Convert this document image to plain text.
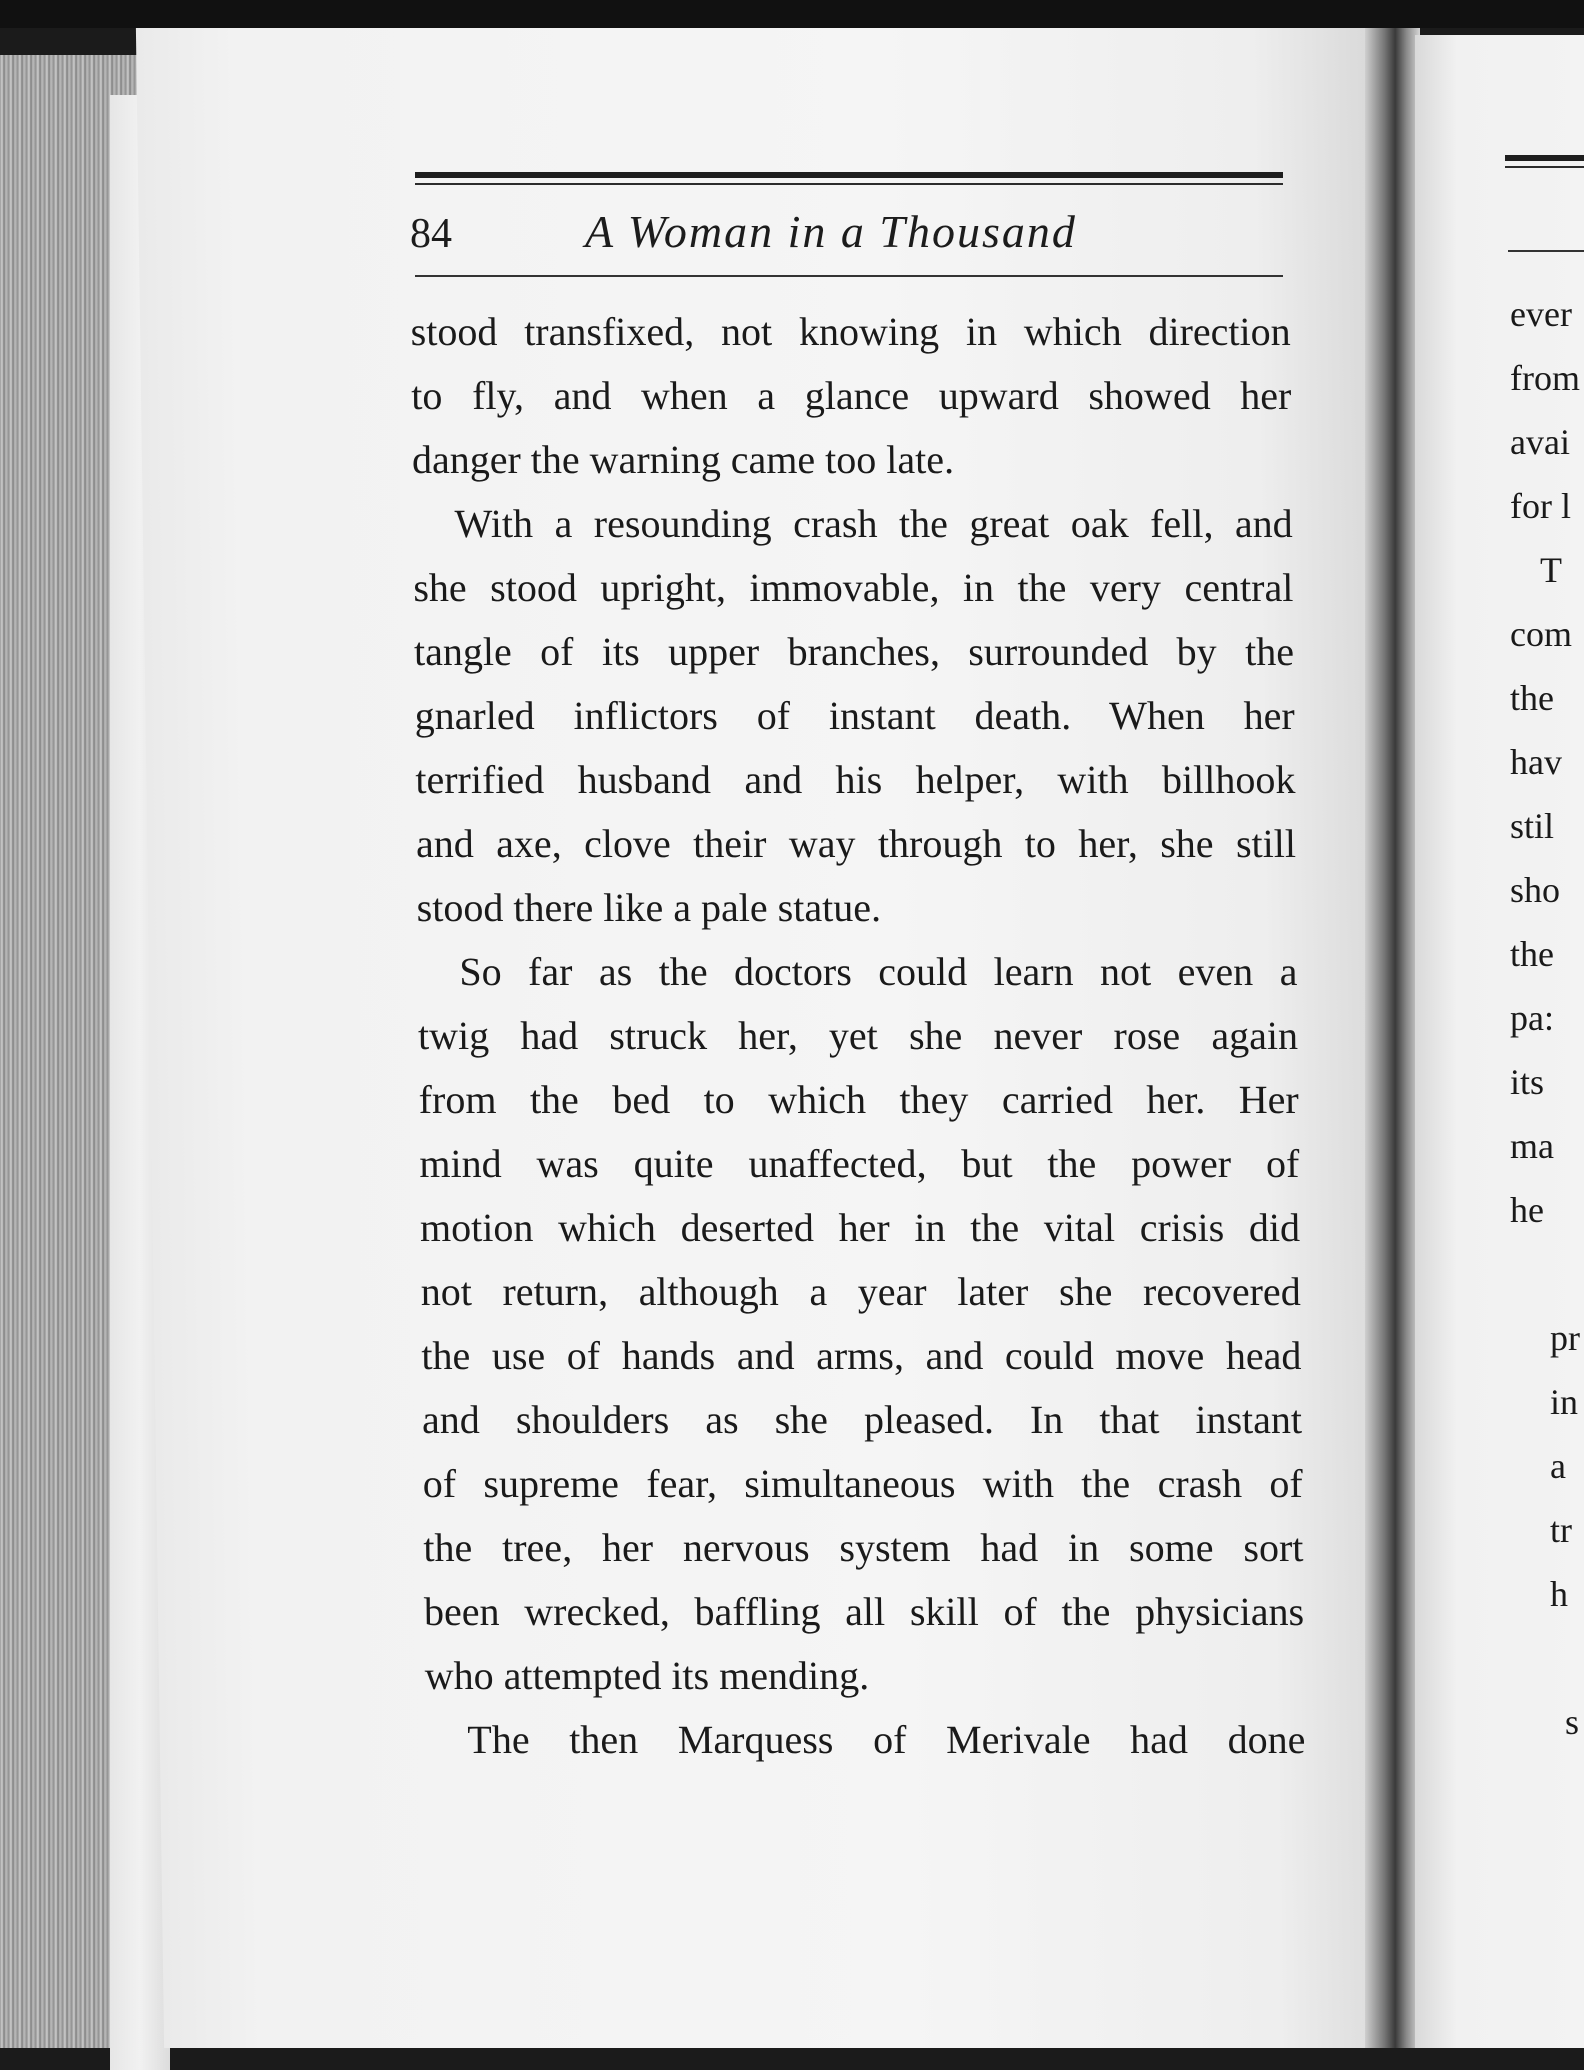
84	A Woman in a Thousand
stood transfixed, not knowing in which direction
to fly, and when a glance upward showed her
danger the warning came too late.
With a resounding crash the great oak fell, and
she stood upright, immovable, in the very central
tangle of its upper branches, surrounded by the
gnarled inflictors of instant death. When her
terrified husband and his helper, with billhook
and axe, clove their way through to her, she still
stood there like a pale statue.
So far as the doctors could learn not even a
twig had struck her, yet she never rose again
from the bed to which they carried her. Her
mind was quite unaffected, but the power of
motion which deserted her in the vital crisis did
not return, although a year later she recovered
the use of hands and arms, and could move head
and shoulders as she pleased. In that instant
of supreme fear, simultaneous with the crash of
the tree, her nervous system had in some sort
been wrecked, baffling all skill of the physicians
who attempted its mending.
The then Marquess of Merivale had done
ever
from
avai
for l
T
com
the
hav
stil
sho
the
pa:
its
ma
he
pr
in
a
tr
h
s
